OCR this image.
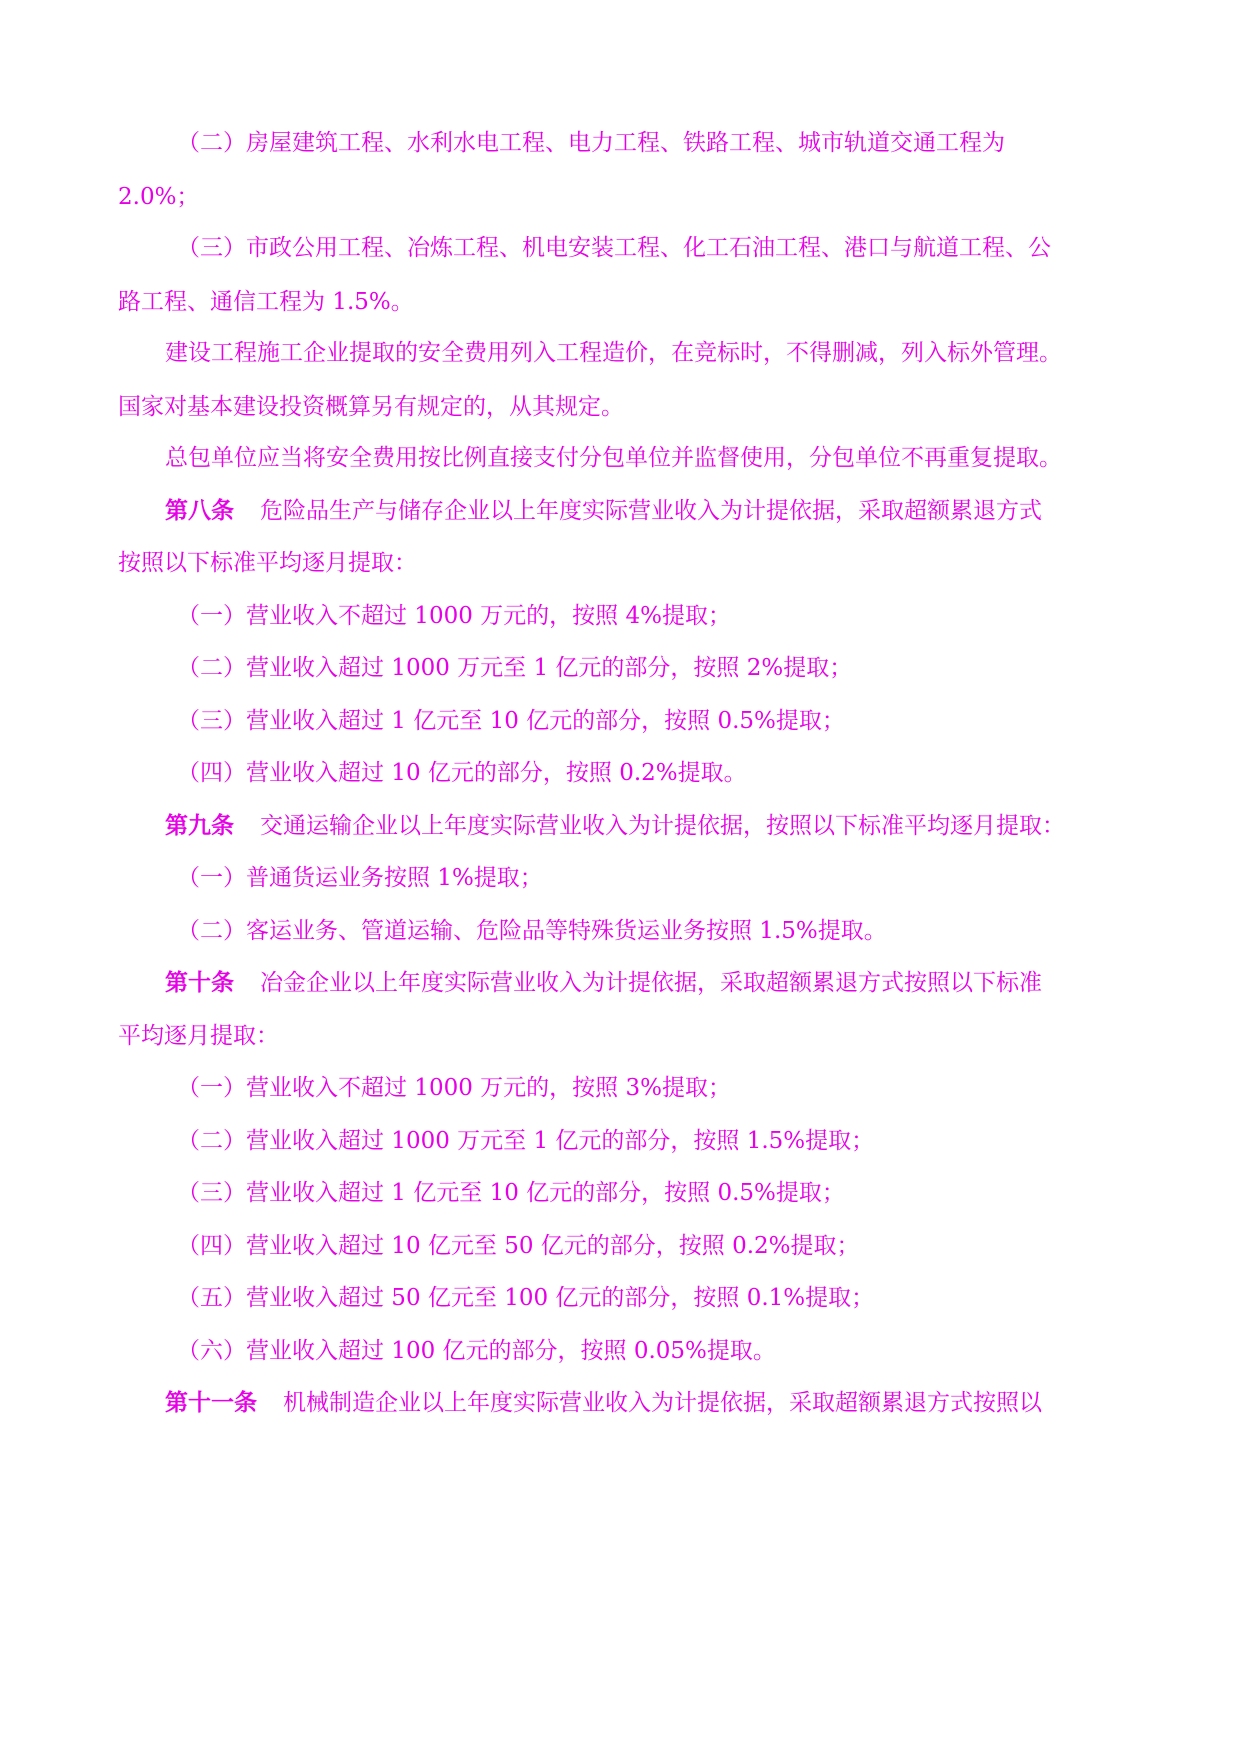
（二）房屋建筑工程、水利水电工程、电力工程、铁路工程、城市轨道交通工程为
2.0%；
（三）市政公用工程、冶炼工程、机电安装工程、化工石油工程、港口与航道工程、公
路工程、通信工程为 1.5%。
建设工程施工企业提取的安全费用列入工程造价，在竞标时，不得删减，列入标外管理。
国家对基本建设投资概算另有规定的，从其规定。
总包单位应当将安全费用按比例直接支付分包单位并监督使用，分包单位不再重复提取。
第八条 危险品生产与储存企业以上年度实际营业收入为计提依据，采取超额累退方式
按照以下标准平均逐月提取：
（一）营业收入不超过 1000 万元的，按照 4%提取；
（二）营业收入超过 1000 万元至 1 亿元的部分，按照 2%提取；
（三）营业收入超过 1 亿元至 10 亿元的部分，按照 0.5%提取；
（四）营业收入超过 10 亿元的部分，按照 0.2%提取。
第九条 交通运输企业以上年度实际营业收入为计提依据，按照以下标准平均逐月提取：
（一）普通货运业务按照 1%提取；
（二）客运业务、管道运输、危险品等特殊货运业务按照 1.5%提取。
第十条 冶金企业以上年度实际营业收入为计提依据，采取超额累退方式按照以下标准
平均逐月提取：
（一）营业收入不超过 1000 万元的，按照 3%提取；
（二）营业收入超过 1000 万元至 1 亿元的部分，按照 1.5%提取；
（三）营业收入超过 1 亿元至 10 亿元的部分，按照 0.5%提取；
（四）营业收入超过 10 亿元至 50 亿元的部分，按照 0.2%提取；
（五）营业收入超过 50 亿元至 100 亿元的部分，按照 0.1%提取；
（六）营业收入超过 100 亿元的部分，按照 0.05%提取。
第十一条 机械制造企业以上年度实际营业收入为计提依据，采取超额累退方式按照以
